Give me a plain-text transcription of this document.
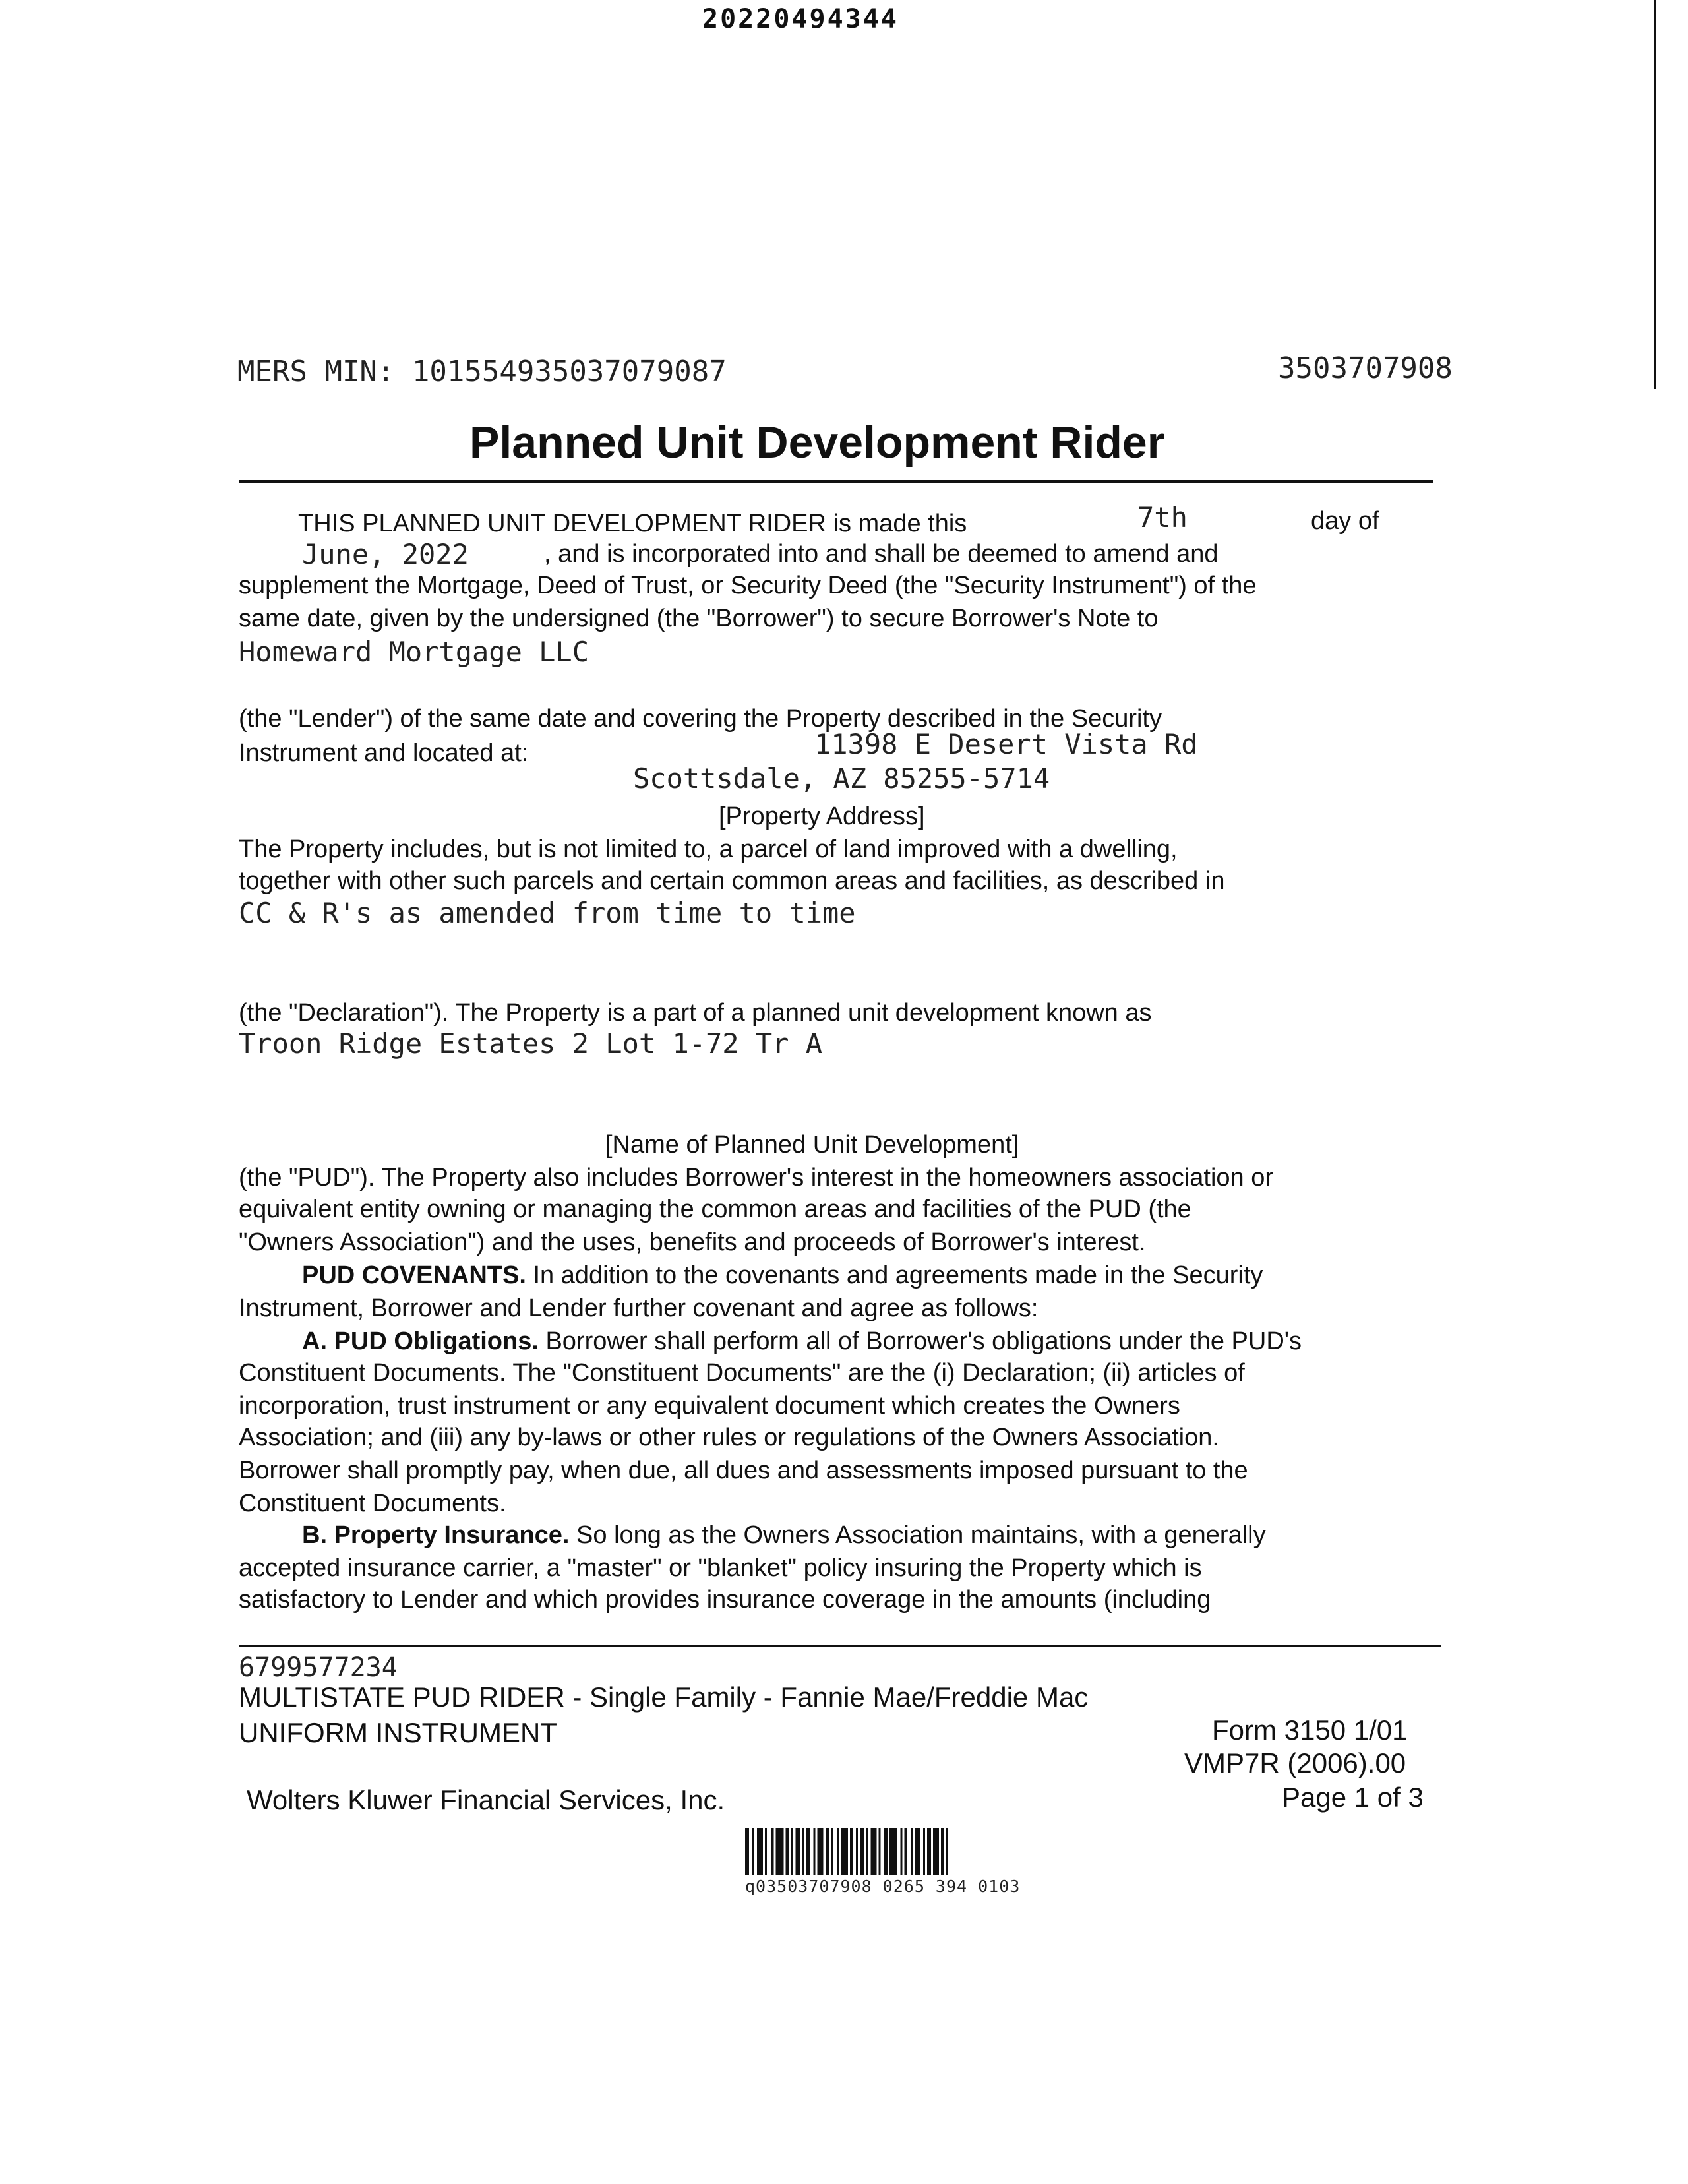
20220494344
MERS MIN: 101554935037079087	3503707908
Planned Unit Development Rider
THIS PLANNED UNIT DEVELOPMENT RIDER is made this	7th	day of
June, 2022	, and is incorporated into and shall be deemed to amend and
supplement the Mortgage, Deed of Trust, or Security Deed (the "Security Instrument") of the
same date, given by the undersigned (the "Borrower") to secure Borrower's Note to
Homeward Mortgage LLC
(the "Lender") of the same date and covering the Property described in the Security
Instrument and located at:	11398 E Desert Vista Rd
Scottsdale, AZ 85255-5714
[Property Address]
The Property includes, but is not limited to, a parcel of land improved with a dwelling,
together with other such parcels and certain common areas and facilities, as described in
CC & R's as amended from time to time
(the "Declaration"). The Property is a part of a planned unit development known as
Troon Ridge Estates 2 Lot 1-72 Tr A
[Name of Planned Unit Development]
(the "PUD"). The Property also includes Borrower's interest in the homeowners association or
equivalent entity owning or managing the common areas and facilities of the PUD (the
"Owners Association") and the uses, benefits and proceeds of Borrower's interest.
PUD COVENANTS. In addition to the covenants and agreements made in the Security
Instrument, Borrower and Lender further covenant and agree as follows:
A. PUD Obligations. Borrower shall perform all of Borrower's obligations under the PUD's
Constituent Documents. The "Constituent Documents" are the (i) Declaration; (ii) articles of
incorporation, trust instrument or any equivalent document which creates the Owners
Association; and (iii) any by-laws or other rules or regulations of the Owners Association.
Borrower shall promptly pay, when due, all dues and assessments imposed pursuant to the
Constituent Documents.
B. Property Insurance. So long as the Owners Association maintains, with a generally
accepted insurance carrier, a "master" or "blanket" policy insuring the Property which is
satisfactory to Lender and which provides insurance coverage in the amounts (including
6799577234
MULTISTATE PUD RIDER - Single Family - Fannie Mae/Freddie Mac
UNIFORM INSTRUMENT	Form 3150 1/01
VMP7R (2006).00
Wolters Kluwer Financial Services, Inc.	Page 1 of 3
q03503707908 0265 394 0103
